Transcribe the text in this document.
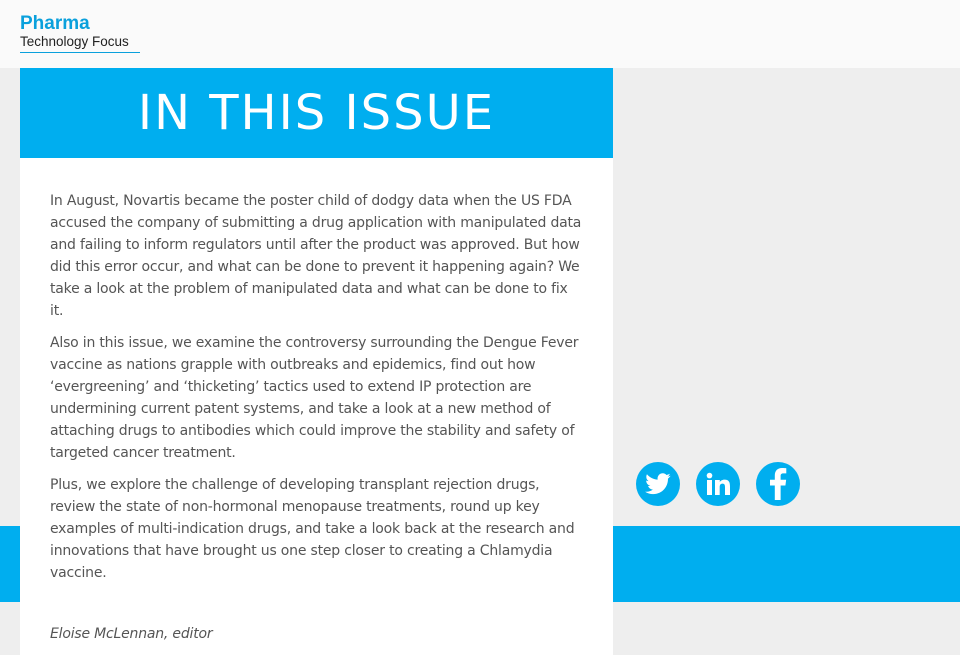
Pharma
Technology Focus
IN THIS ISSUE

In August, Novartis became the poster child of dodgy data when the US FDA accused the company of submitting a drug application with manipulated data and failing to inform regulators until after the product was approved. But how did this error occur, and what can be done to prevent it happening again? We take a look at the problem of manipulated data and what can be done to fix it.

Also in this issue, we examine the controversy surrounding the Dengue Fever vaccine as nations grapple with outbreaks and epidemics, find out how ‘evergreening’ and ‘thicketing’ tactics used to extend IP protection are undermining current patent systems, and take a look at a new method of attaching drugs to antibodies which could improve the stability and safety of targeted cancer treatment.

Plus, we explore the challenge of developing transplant rejection drugs, review the state of non-hormonal menopause treatments, round up key examples of multi-indication drugs, and take a look back at the research and innovations that have brought us one step closer to creating a Chlamydia vaccine.

Eloise McLennan, editor
